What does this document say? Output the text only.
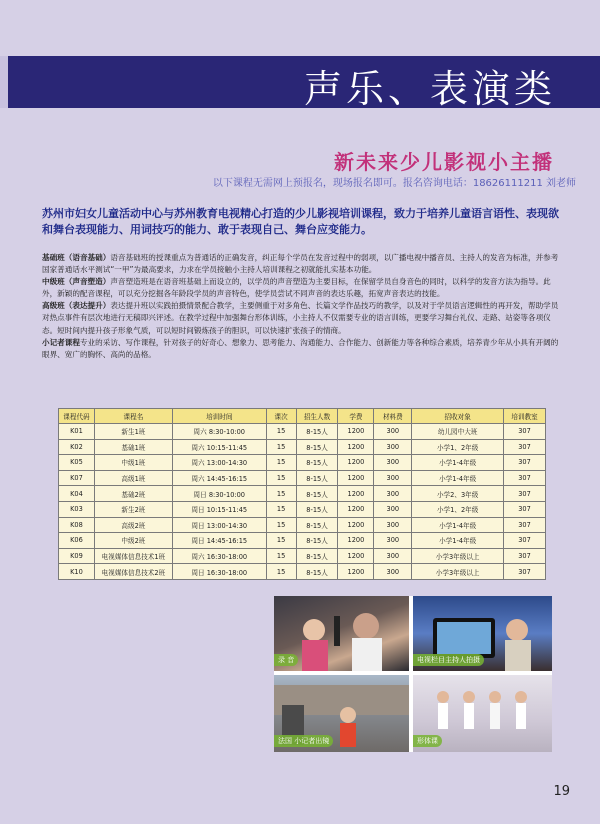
声乐、表演类
新未来少儿影视小主播
以下课程无需网上预报名，现场报名即可。报名咨询电话：18626111211 刘老师
苏州市妇女儿童活动中心与苏州教育电视精心打造的少儿影视培训课程，致力于培养儿童语言语性、表现欲和舞台表现能力、用词技巧的能力、敢于表现自己、舞台应变能力。

基础班（语音基础）语音基础班的授课重点为普通话的正确发音，纠正每个学员在发音过程中的弱项，以广播电视中播音员、主持人的发音为标准，并参考国家普通话水平测试“一甲”为最高要求，力求在学员接触小主持人培训课程之初就能扎实基本功能。

中级班（声音塑造）声音塑造班是在语音班基础上而设立的，以学员的声音塑造为主要目标，在保留学员自身音色的同时，以科学的发音方法为指导。此外，新颖的配音课程，可以充分挖掘各年龄段学员的声音特色，使学员尝试不同声音的表达乐趣，拓宽声音表达的技能。

高级班（表达提升）表达提升班以实践拍摄情景配合教学，主要侧重于对多角色、长篇文学作品技巧的教学，以及对于学员语言逻辑性的再开发，帮助学员对热点事件有层次地进行无稿即兴评述。在教学过程中加强舞台形体训练，小主持人不仅需要专业的语言训练，更要学习舞台礼仪、走路、站姿等各项仪态。短时间内提升孩子形象气质，可以短时间锻炼孩子的胆识，可以快速扩张孩子的情商。

小记者课程专业的采访、写作课程，针对孩子的好奇心、想象力、思考能力、沟通能力、合作能力、创新能力等各种综合素质，培养青少年从小具有开阔的眼界、宽广的胸怀、高尚的品格。

课程代码	课程名	培训时间	课次	招生人数	学费	材料费	招收对象	培训教室
K01	新生1班	周六 8:30-10:00	15	8-15人	1200	300	幼儿园中大班	307
K02	基础1班	周六 10:15-11:45	15	8-15人	1200	300	小学1、2年级	307
K05	中级1班	周六 13:00-14:30	15	8-15人	1200	300	小学1-4年级	307
K07	高级1班	周六 14:45-16:15	15	8-15人	1200	300	小学1-4年级	307
K04	基础2班	周日 8:30-10:00	15	8-15人	1200	300	小学2、3年级	307
K03	新生2班	周日 10:15-11:45	15	8-15人	1200	300	小学1、2年级	307
K08	高级2班	周日 13:00-14:30	15	8-15人	1200	300	小学1-4年级	307
K06	中级2班	周日 14:45-16:15	15	8-15人	1200	300	小学1-4年级	307
K09	电视媒体信息技术1班	周六 16:30-18:00	15	8-15人	1200	300	小学3年级以上	307
K10	电视媒体信息技术2班	周日 16:30-18:00	15	8-15人	1200	300	小学3年级以上	307
录 音	电视栏目主持人拍摄
法国 小记者出镜	形体课
19
